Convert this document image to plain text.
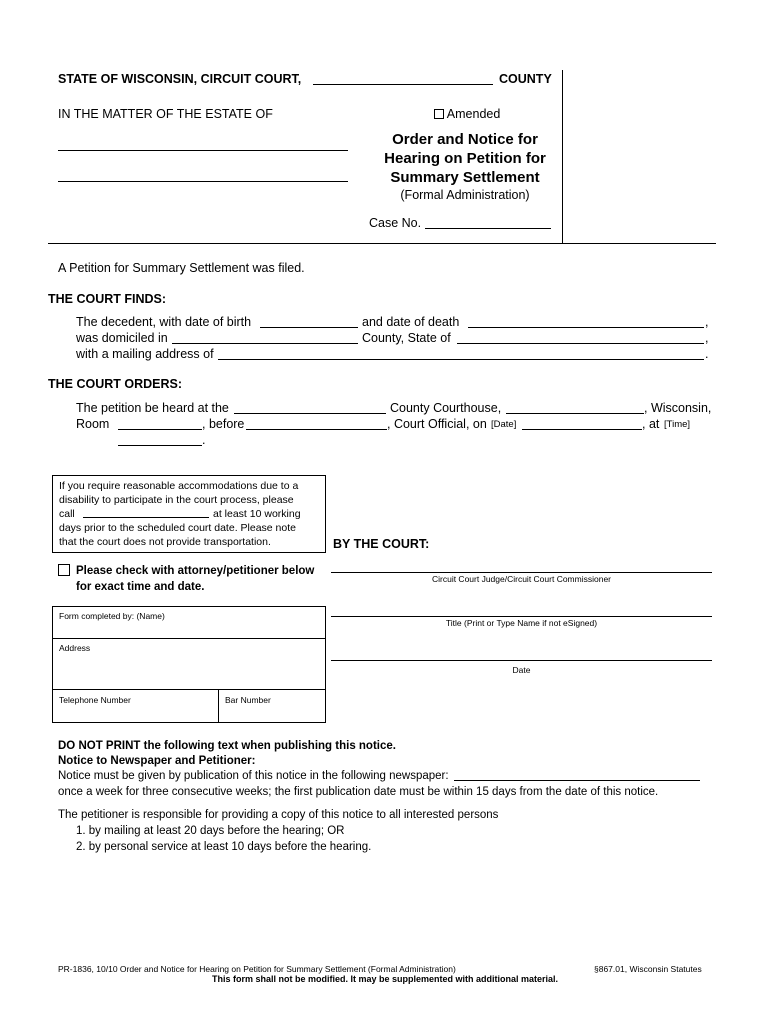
STATE OF WISCONSIN, CIRCUIT COURT,	COUNTY
IN THE MATTER OF THE ESTATE OF	Amended
Order and Notice for
Hearing on Petition for
Summary Settlement
(Formal Administration)
Case No.
A Petition for Summary Settlement was filed.
THE COURT FINDS:
The decedent, with date of birth	and date of death	,
was domiciled in	County, State of	,
with a mailing address of	.
THE COURT ORDERS:
The petition be heard at the	County Courthouse,	, Wisconsin,
Room	, before	, Court Official, on [Date]	, at [Time]
.
If you require reasonable accommodations due to a
disability to participate in the court process, please
call	at least 10 working
days prior to the scheduled court date. Please note
that the court does not provide transportation.	BY THE COURT:
Please check with attorney/petitioner below
for exact time and date.
Circuit Court Judge/Circuit Court Commissioner
Title (Print or Type Name if not eSigned)
Date
Form completed by: (Name)
Address
Telephone Number	Bar Number
DO NOT PRINT the following text when publishing this notice.
Notice to Newspaper and Petitioner:
Notice must be given by publication of this notice in the following newspaper:
once a week for three consecutive weeks; the first publication date must be within 15 days from the date of this notice.
The petitioner is responsible for providing a copy of this notice to all interested persons
1. by mailing at least 20 days before the hearing; OR
2. by personal service at least 10 days before the hearing.
PR-1836, 10/10 Order and Notice for Hearing on Petition for Summary Settlement (Formal Administration)	§867.01, Wisconsin Statutes
This form shall not be modified. It may be supplemented with additional material.
